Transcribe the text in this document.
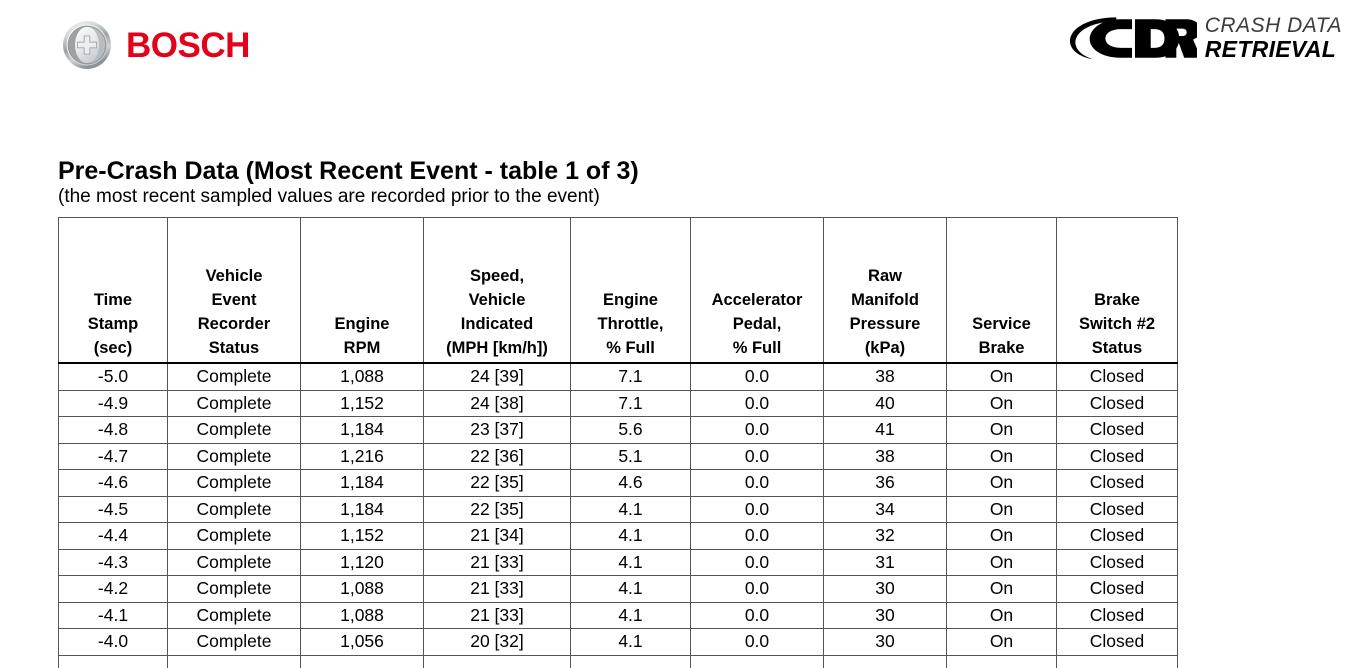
BOSCH	CRASH DATA
RETRIEVAL
Pre-Crash Data (Most Recent Event - table 1 of 3)
(the most recent sampled values are recorded prior to the event)
Time
Stamp
(sec)	Vehicle
Event
Recorder
Status	Engine
RPM	Speed,
Vehicle
Indicated
(MPH [km/h])	Engine
Throttle,
% Full	Accelerator
Pedal,
% Full	Raw
Manifold
Pressure
(kPa)	Service
Brake	Brake
Switch #2
Status

-5.0	Complete	1,088	24 [39]	7.1	0.0	38	On	Closed
-4.9	Complete	1,152	24 [38]	7.1	0.0	40	On	Closed
-4.8	Complete	1,184	23 [37]	5.6	0.0	41	On	Closed
-4.7	Complete	1,216	22 [36]	5.1	0.0	38	On	Closed
-4.6	Complete	1,184	22 [35]	4.6	0.0	36	On	Closed
-4.5	Complete	1,184	22 [35]	4.1	0.0	34	On	Closed
-4.4	Complete	1,152	21 [34]	4.1	0.0	32	On	Closed
-4.3	Complete	1,120	21 [33]	4.1	0.0	31	On	Closed
-4.2	Complete	1,088	21 [33]	4.1	0.0	30	On	Closed
-4.1	Complete	1,088	21 [33]	4.1	0.0	30	On	Closed
-4.0	Complete	1,056	20 [32]	4.1	0.0	30	On	Closed
